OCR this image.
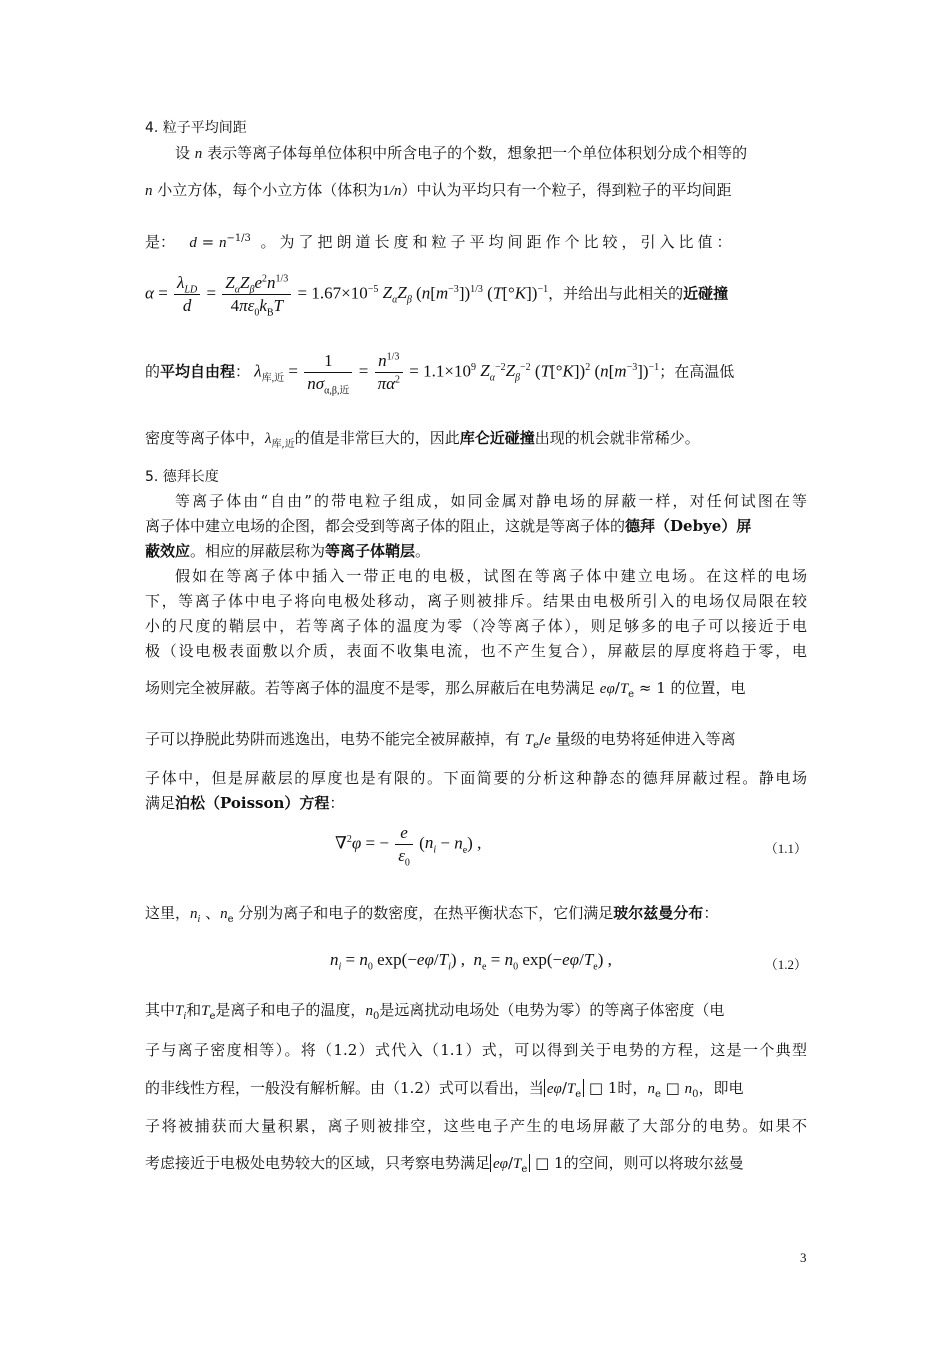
4. 粒子平均间距
设 n 表示等离子体每单位体积中所含电子的个数，想象把一个单位体积划分成个相等的
n 小立方体，每个小立方体（体积为1/n）中认为平均只有一个粒子，得到粒子的平均间距
是： $d = n^{-1/3}$ 。为了把朗道长度和粒子平均间距作个比较，引入比值：
$\alpha = \frac{\lambda_{LD}}{d} = \frac{Z_\alpha Z_\beta e^2n^{1/3}}{4\pi\varepsilon_0k_BT} = 1.67\times 10^{-5}$ $Z_\alpha Z_\beta$ $(n[m^{-3}])^{1/3}$ $(T[^\circ K])^{-1}$，并给出与此相关的近碰撞
的平均自由程： $\lambda_{库,近} = \frac{1}{n\sigma_{\alpha,\beta,近}} = \frac{n^{1/3}}{\pi\alpha^2} = 1.1\times 10^9$ $Z_\alpha^{-2}Z_\beta^{-2}$ $(T[^\circ K])^2$ $(n[m^{-3}])^{-1}$；在高温低
密度等离子体中，$\lambda_{库,近}$的值是非常巨大的，因此库仑近碰撞出现的机会就非常稀少。
5. 德拜长度
等离子体由“自由”的带电粒子组成，如同金属对静电场的屏蔽一样，对任何试图在等
离子体中建立电场的企图，都会受到等离子体的阻止，这就是等离子体的德拜（Debye）屏
蔽效应。相应的屏蔽层称为等离子体鞘层。
假如在等离子体中插入一带正电的电极，试图在等离子体中建立电场。在这样的电场
下，等离子体中电子将向电极处移动，离子则被排斥。结果由电极所引入的电场仅局限在较
小的尺度的鞘层中，若等离子体的温度为零（冷等离子体），则足够多的电子可以接近于电
极（设电极表面敷以介质，表面不收集电流，也不产生复合），屏蔽层的厚度将趋于零，电
场则完全被屏蔽。若等离子体的温度不是零，那么屏蔽后在电势满足 $e\varphi/T_e \approx 1$ 的位置，电
子可以挣脱此势阱而逃逸出，电势不能完全被屏蔽掉，有 $T_e/e$ 量级的电势将延伸进入等离
子体中，但是屏蔽层的厚度也是有限的。下面简要的分析这种静态的德拜屏蔽过程。静电场
满足泊松（Poisson）方程：
∇$^2$φ = − $\frac{e}{\varepsilon_0} (n_i - n_e)$ ,	（1.1）
这里，$n_i$ 、$n_e$ 分别为离子和电子的数密度，在热平衡状态下，它们满足玻尔兹曼分布：
$n_i = n_0$ $\exp(-e\varphi/T_i)$ ,  $n_e = n_0$ $\exp(-e\varphi/T_e)$ ,	（1.2）
其中$T_i$和$T_e$是离子和电子的温度，$n_0$是远离扰动电场处（电势为零）的等离子体密度（电
子与离子密度相等）。将（1.2）式代入（1.1）式，可以得到关于电势的方程，这是一个典型
的非线性方程，一般没有解析解。由（1.2）式可以看出，当 $e\varphi/T_e$ □ 1时，$n_e$ □ $n_0$，即电
子将被捕获而大量积累，离子则被排空，这些电子产生的电场屏蔽了大部分的电势。如果不
考虑接近于电极处电势较大的区域，只考察电势满足 $e\varphi/T_e$ □ 1的空间，则可以将玻尔兹曼
3
